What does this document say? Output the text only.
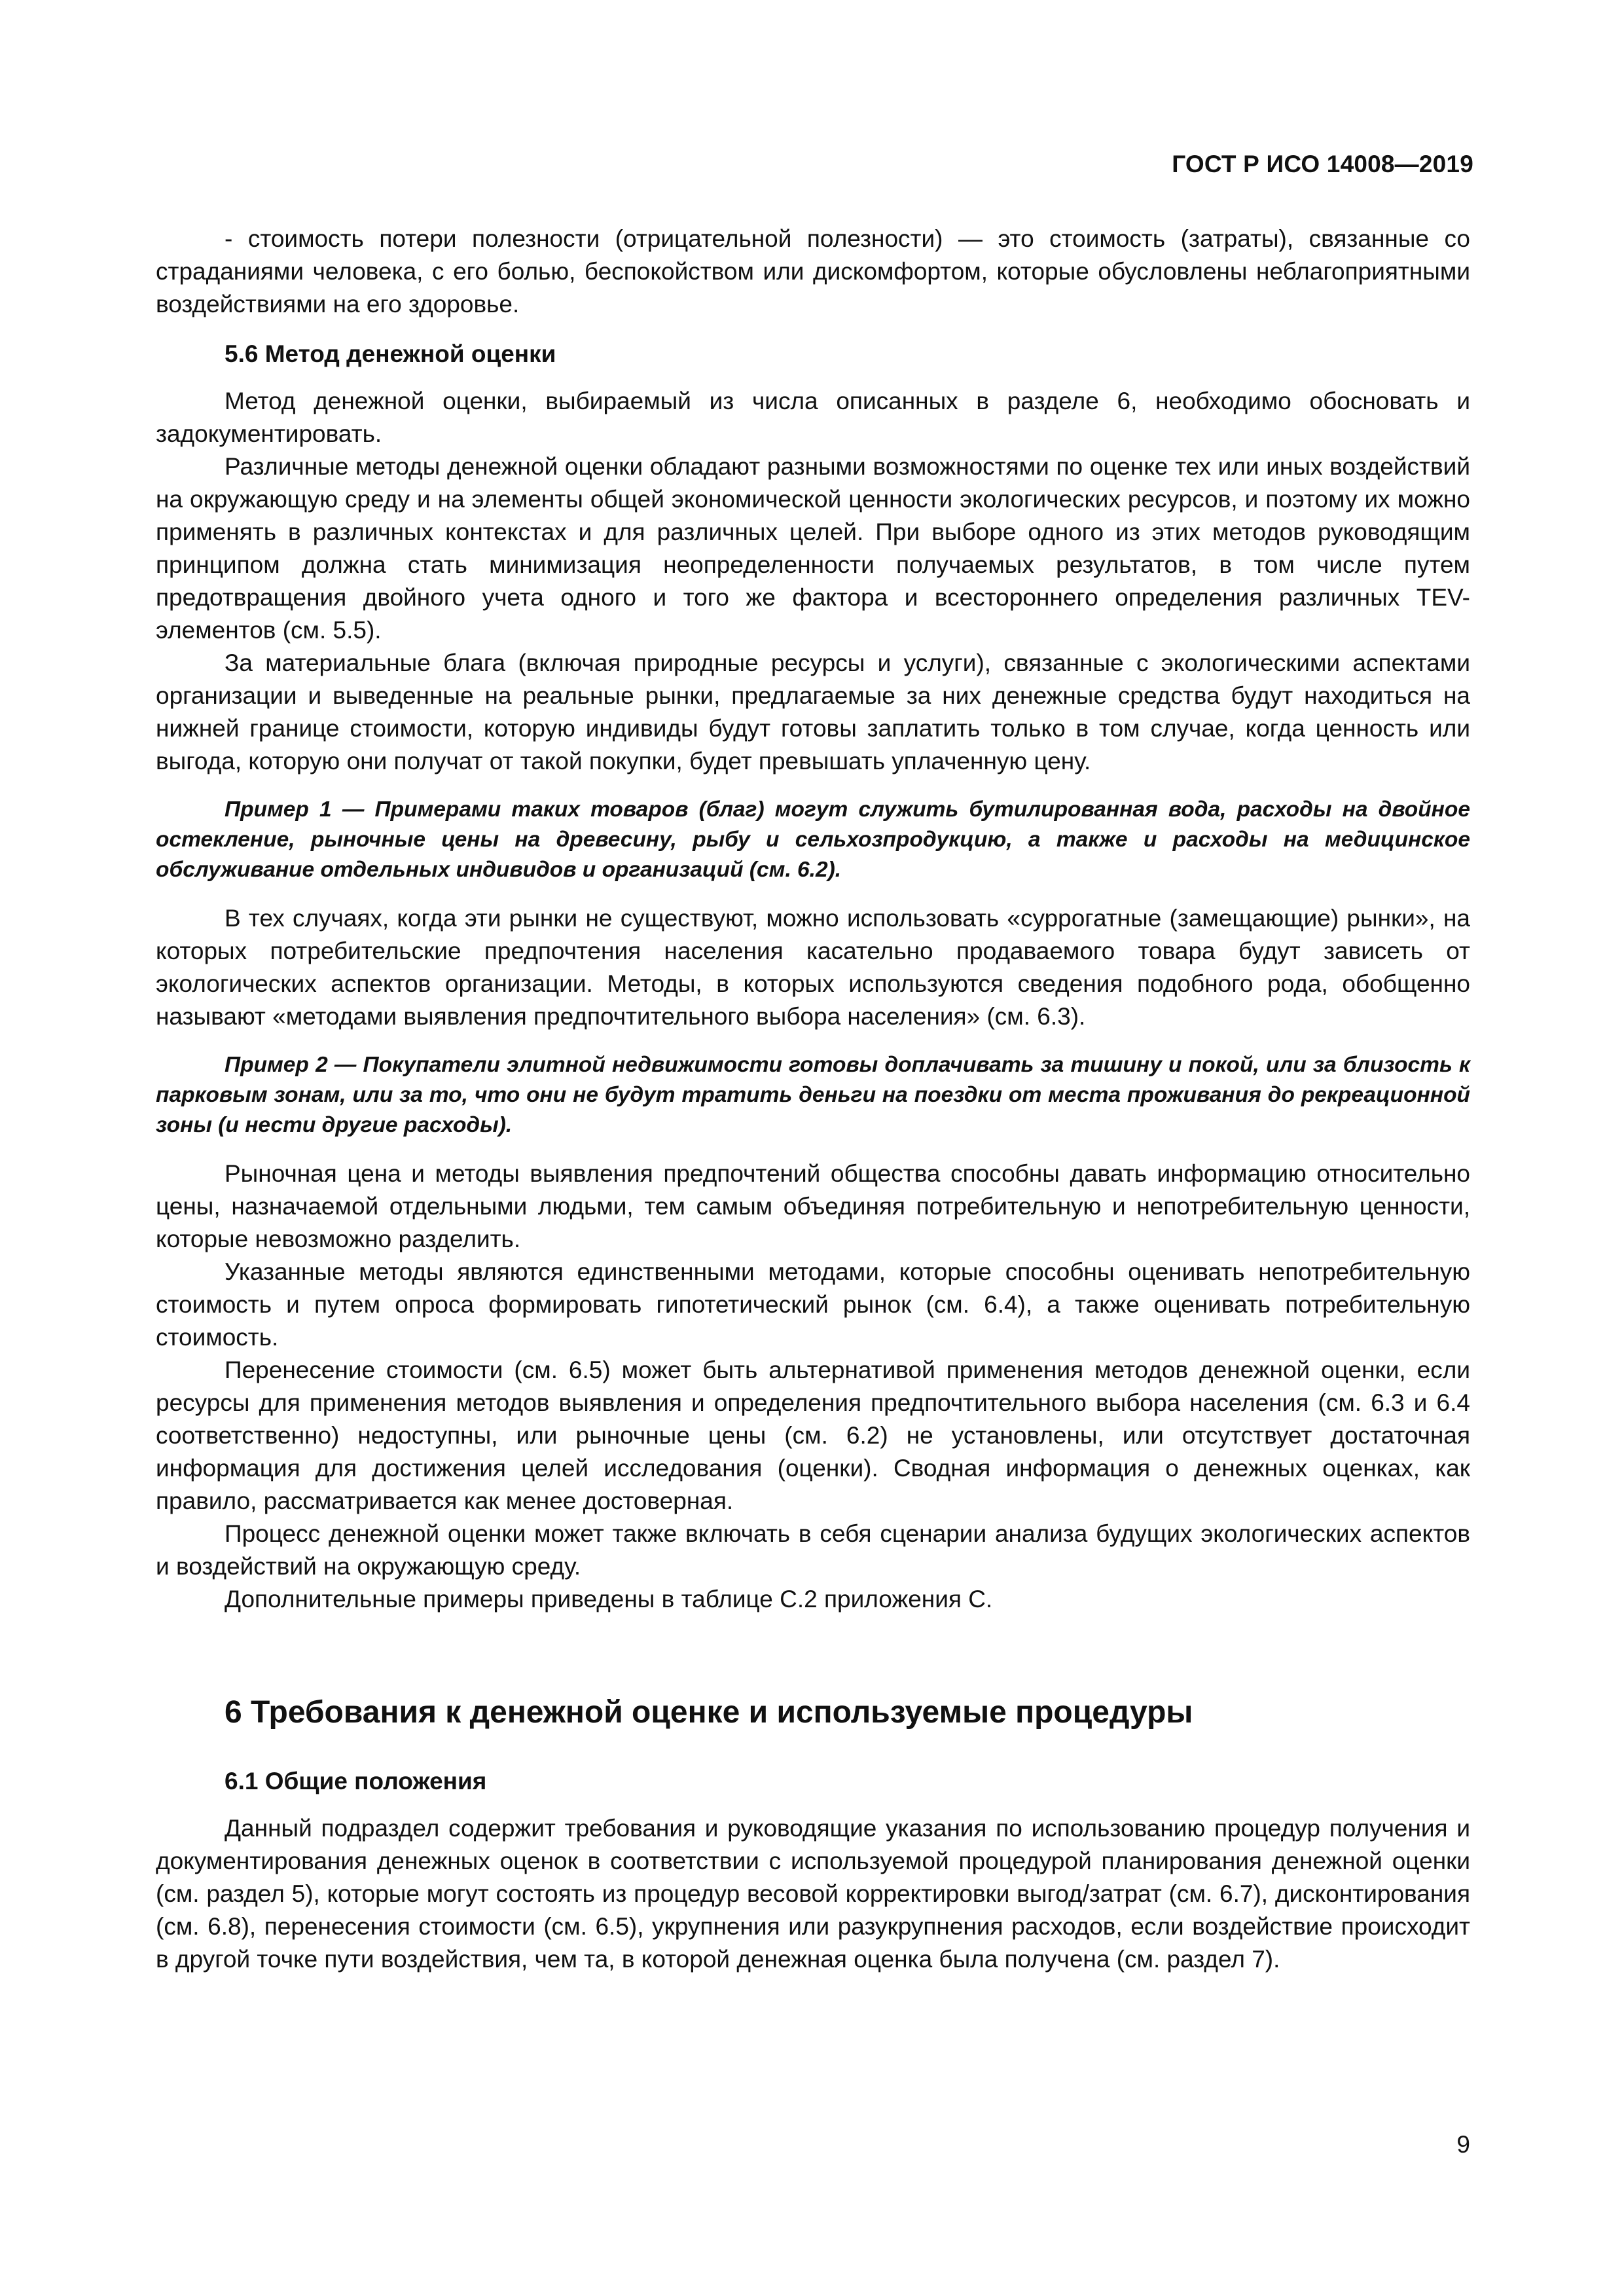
ГОСТ Р ИСО 14008—2019

- стоимость потери полезности (отрицательной полезности) — это стоимость (затраты), связанные со страданиями человека, с его болью, беспокойством или дискомфортом, которые обусловлены неблагоприятными воздействиями на его здоровье.

5.6 Метод денежной оценки

Метод денежной оценки, выбираемый из числа описанных в разделе 6, необходимо обосновать и задокументировать.

Различные методы денежной оценки обладают разными возможностями по оценке тех или иных воздействий на окружающую среду и на элементы общей экономической ценности экологических ресурсов, и поэтому их можно применять в различных контекстах и для различных целей. При выборе одного из этих методов руководящим принципом должна стать минимизация неопределенности получаемых результатов, в том числе путем предотвращения двойного учета одного и того же фактора и всестороннего определения различных TEV-элементов (см. 5.5).

За материальные блага (включая природные ресурсы и услуги), связанные с экологическими аспектами организации и выведенные на реальные рынки, предлагаемые за них денежные средства будут находиться на нижней границе стоимости, которую индивиды будут готовы заплатить только в том случае, когда ценность или выгода, которую они получат от такой покупки, будет превышать уплаченную цену.

Пример 1 — Примерами таких товаров (благ) могут служить бутилированная вода, расходы на двойное остекление, рыночные цены на древесину, рыбу и сельхозпродукцию, а также и расходы на медицинское обслуживание отдельных индивидов и организаций (см. 6.2).

В тех случаях, когда эти рынки не существуют, можно использовать «суррогатные (замещающие) рынки», на которых потребительские предпочтения населения касательно продаваемого товара будут зависеть от экологических аспектов организации. Методы, в которых используются сведения подобного рода, обобщенно называют «методами выявления предпочтительного выбора населения» (см. 6.3).

Пример 2 — Покупатели элитной недвижимости готовы доплачивать за тишину и покой, или за близость к парковым зонам, или за то, что они не будут тратить деньги на поездки от места проживания до рекреационной зоны (и нести другие расходы).

Рыночная цена и методы выявления предпочтений общества способны давать информацию относительно цены, назначаемой отдельными людьми, тем самым объединяя потребительную и непотребительную ценности, которые невозможно разделить.

Указанные методы являются единственными методами, которые способны оценивать непотребительную стоимость и путем опроса формировать гипотетический рынок (см. 6.4), а также оценивать потребительную стоимость.

Перенесение стоимости (см. 6.5) может быть альтернативой применения методов денежной оценки, если ресурсы для применения методов выявления и определения предпочтительного выбора населения (см. 6.3 и 6.4 соответственно) недоступны, или рыночные цены (см. 6.2) не установлены, или отсутствует достаточная информация для достижения целей исследования (оценки). Сводная информация о денежных оценках, как правило, рассматривается как менее достоверная.

Процесс денежной оценки может также включать в себя сценарии анализа будущих экологических аспектов и воздействий на окружающую среду.

Дополнительные примеры приведены в таблице С.2 приложения С.

6 Требования к денежной оценке и используемые процедуры
6.1 Общие положения

Данный подраздел содержит требования и руководящие указания по использованию процедур получения и документирования денежных оценок в соответствии с используемой процедурой планирования денежной оценки (см. раздел 5), которые могут состоять из процедур весовой корректировки выгод/затрат (см. 6.7), дисконтирования (см. 6.8), перенесения стоимости (см. 6.5), укрупнения или разукрупнения расходов, если воздействие происходит в другой точке пути воздействия, чем та, в которой денежная оценка была получена (см. раздел 7).

9
